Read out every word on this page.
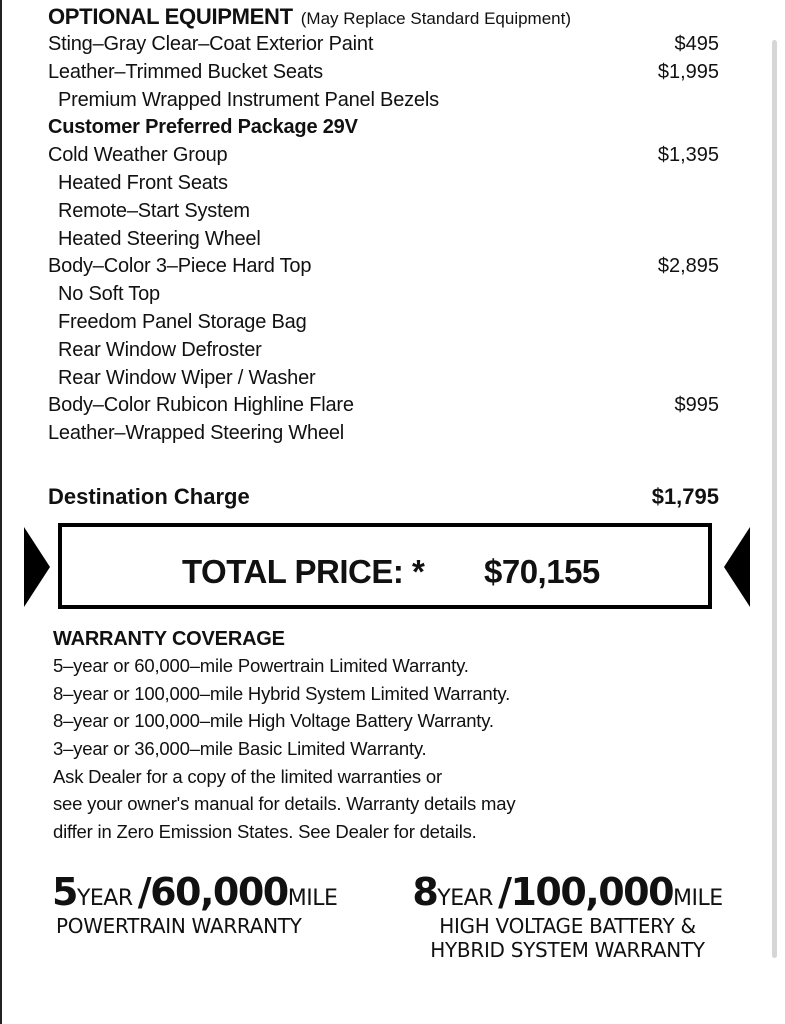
OPTIONAL EQUIPMENT (May Replace Standard Equipment)
Sting–Gray Clear–Coat Exterior Paint	$495
Leather–Trimmed Bucket Seats	$1,995
Premium Wrapped Instrument Panel Bezels
Customer Preferred Package 29V
Cold Weather Group	$1,395
Heated Front Seats
Remote–Start System
Heated Steering Wheel
Body–Color 3–Piece Hard Top	$2,895
No Soft Top
Freedom Panel Storage Bag
Rear Window Defroster
Rear Window Wiper / Washer
Body–Color Rubicon Highline Flare	$995
Leather–Wrapped Steering Wheel
Destination Charge	$1,795
TOTAL PRICE: * $70,155
WARRANTY COVERAGE
5–year or 60,000–mile Powertrain Limited Warranty.
8–year or 100,000–mile Hybrid System Limited Warranty.
8–year or 100,000–mile High Voltage Battery Warranty.
3–year or 36,000–mile Basic Limited Warranty.
Ask Dealer for a copy of the limited warranties or
see your owner's manual for details. Warranty details may
differ in Zero Emission States. See Dealer for details.
5YEAR /60,000MILE
POWERTRAIN WARRANTY
8YEAR /100,000MILE
HIGH VOLTAGE BATTERY &
HYBRID SYSTEM WARRANTY
